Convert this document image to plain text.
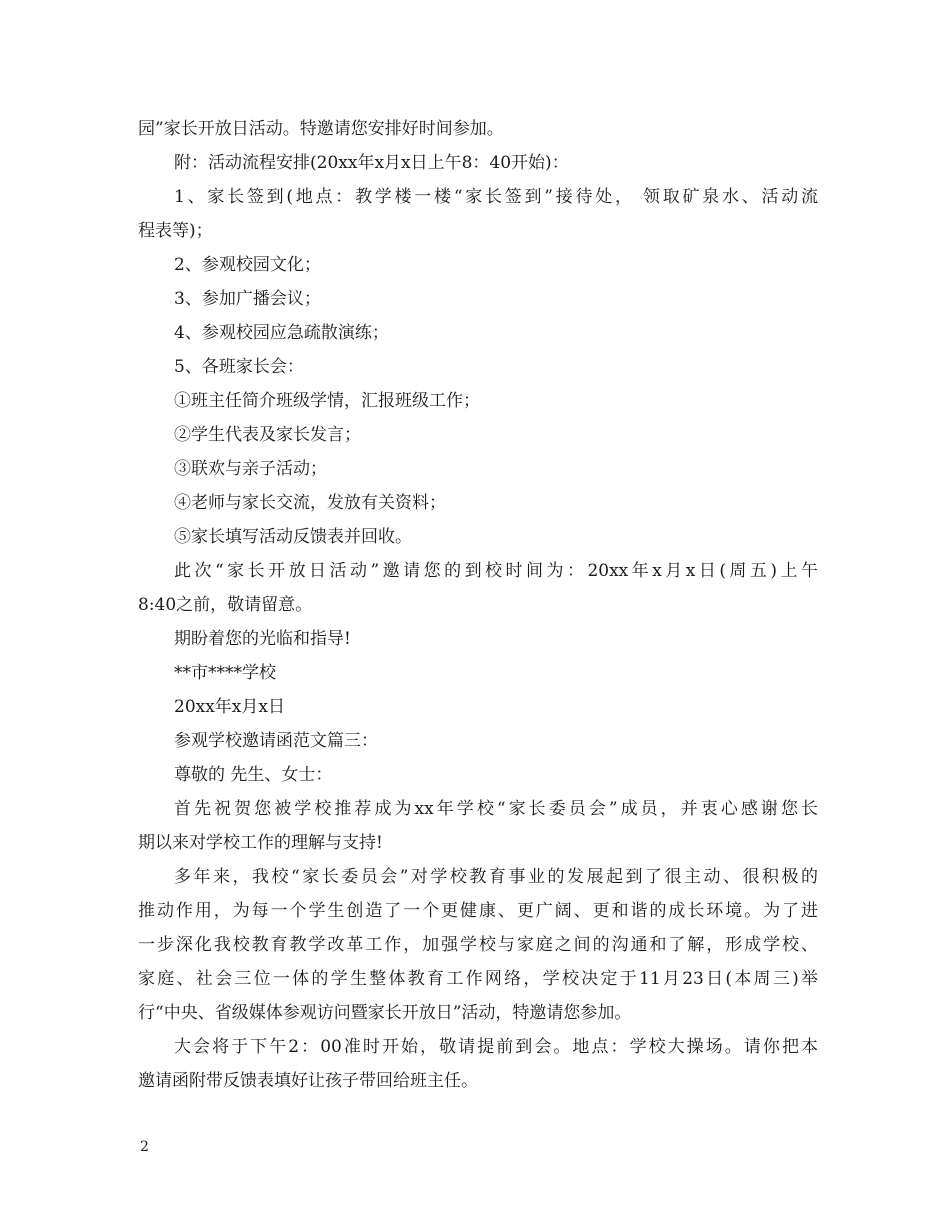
园”家长开放日活动。特邀请您安排好时间参加。
附：活动流程安排(20xx年x月x日上午8：40开始)：
1、家长签到(地点：教学楼一楼“家长签到”接待处， 领取矿泉水、活动流
程表等)；
2、参观校园文化；
3、参加广播会议；
4、参观校园应急疏散演练；
5、各班家长会：
①班主任简介班级学情，汇报班级工作；
②学生代表及家长发言；
③联欢与亲子活动；
④老师与家长交流，发放有关资料；
⑤家长填写活动反馈表并回收。
此次“家长开放日活动”邀请您的到校时间为：20xx年x月x日(周五)上午
8:40之前，敬请留意。
期盼着您的光临和指导!
**市****学校
20xx年x月x日
参观学校邀请函范文篇三：
尊敬的 先生、女士：
首先祝贺您被学校推荐成为xx年学校“家长委员会”成员，并衷心感谢您长
期以来对学校工作的理解与支持!
多年来，我校“家长委员会”对学校教育事业的发展起到了很主动、很积极的
推动作用，为每一个学生创造了一个更健康、更广阔、更和谐的成长环境。为了进
一步深化我校教育教学改革工作，加强学校与家庭之间的沟通和了解，形成学校、
家庭、社会三位一体的学生整体教育工作网络，学校决定于11月23日(本周三)举
行“中央、省级媒体参观访问暨家长开放日”活动，特邀请您参加。
大会将于下午2：00准时开始，敬请提前到会。地点：学校大操场。请你把本
邀请函附带反馈表填好让孩子带回给班主任。
2
